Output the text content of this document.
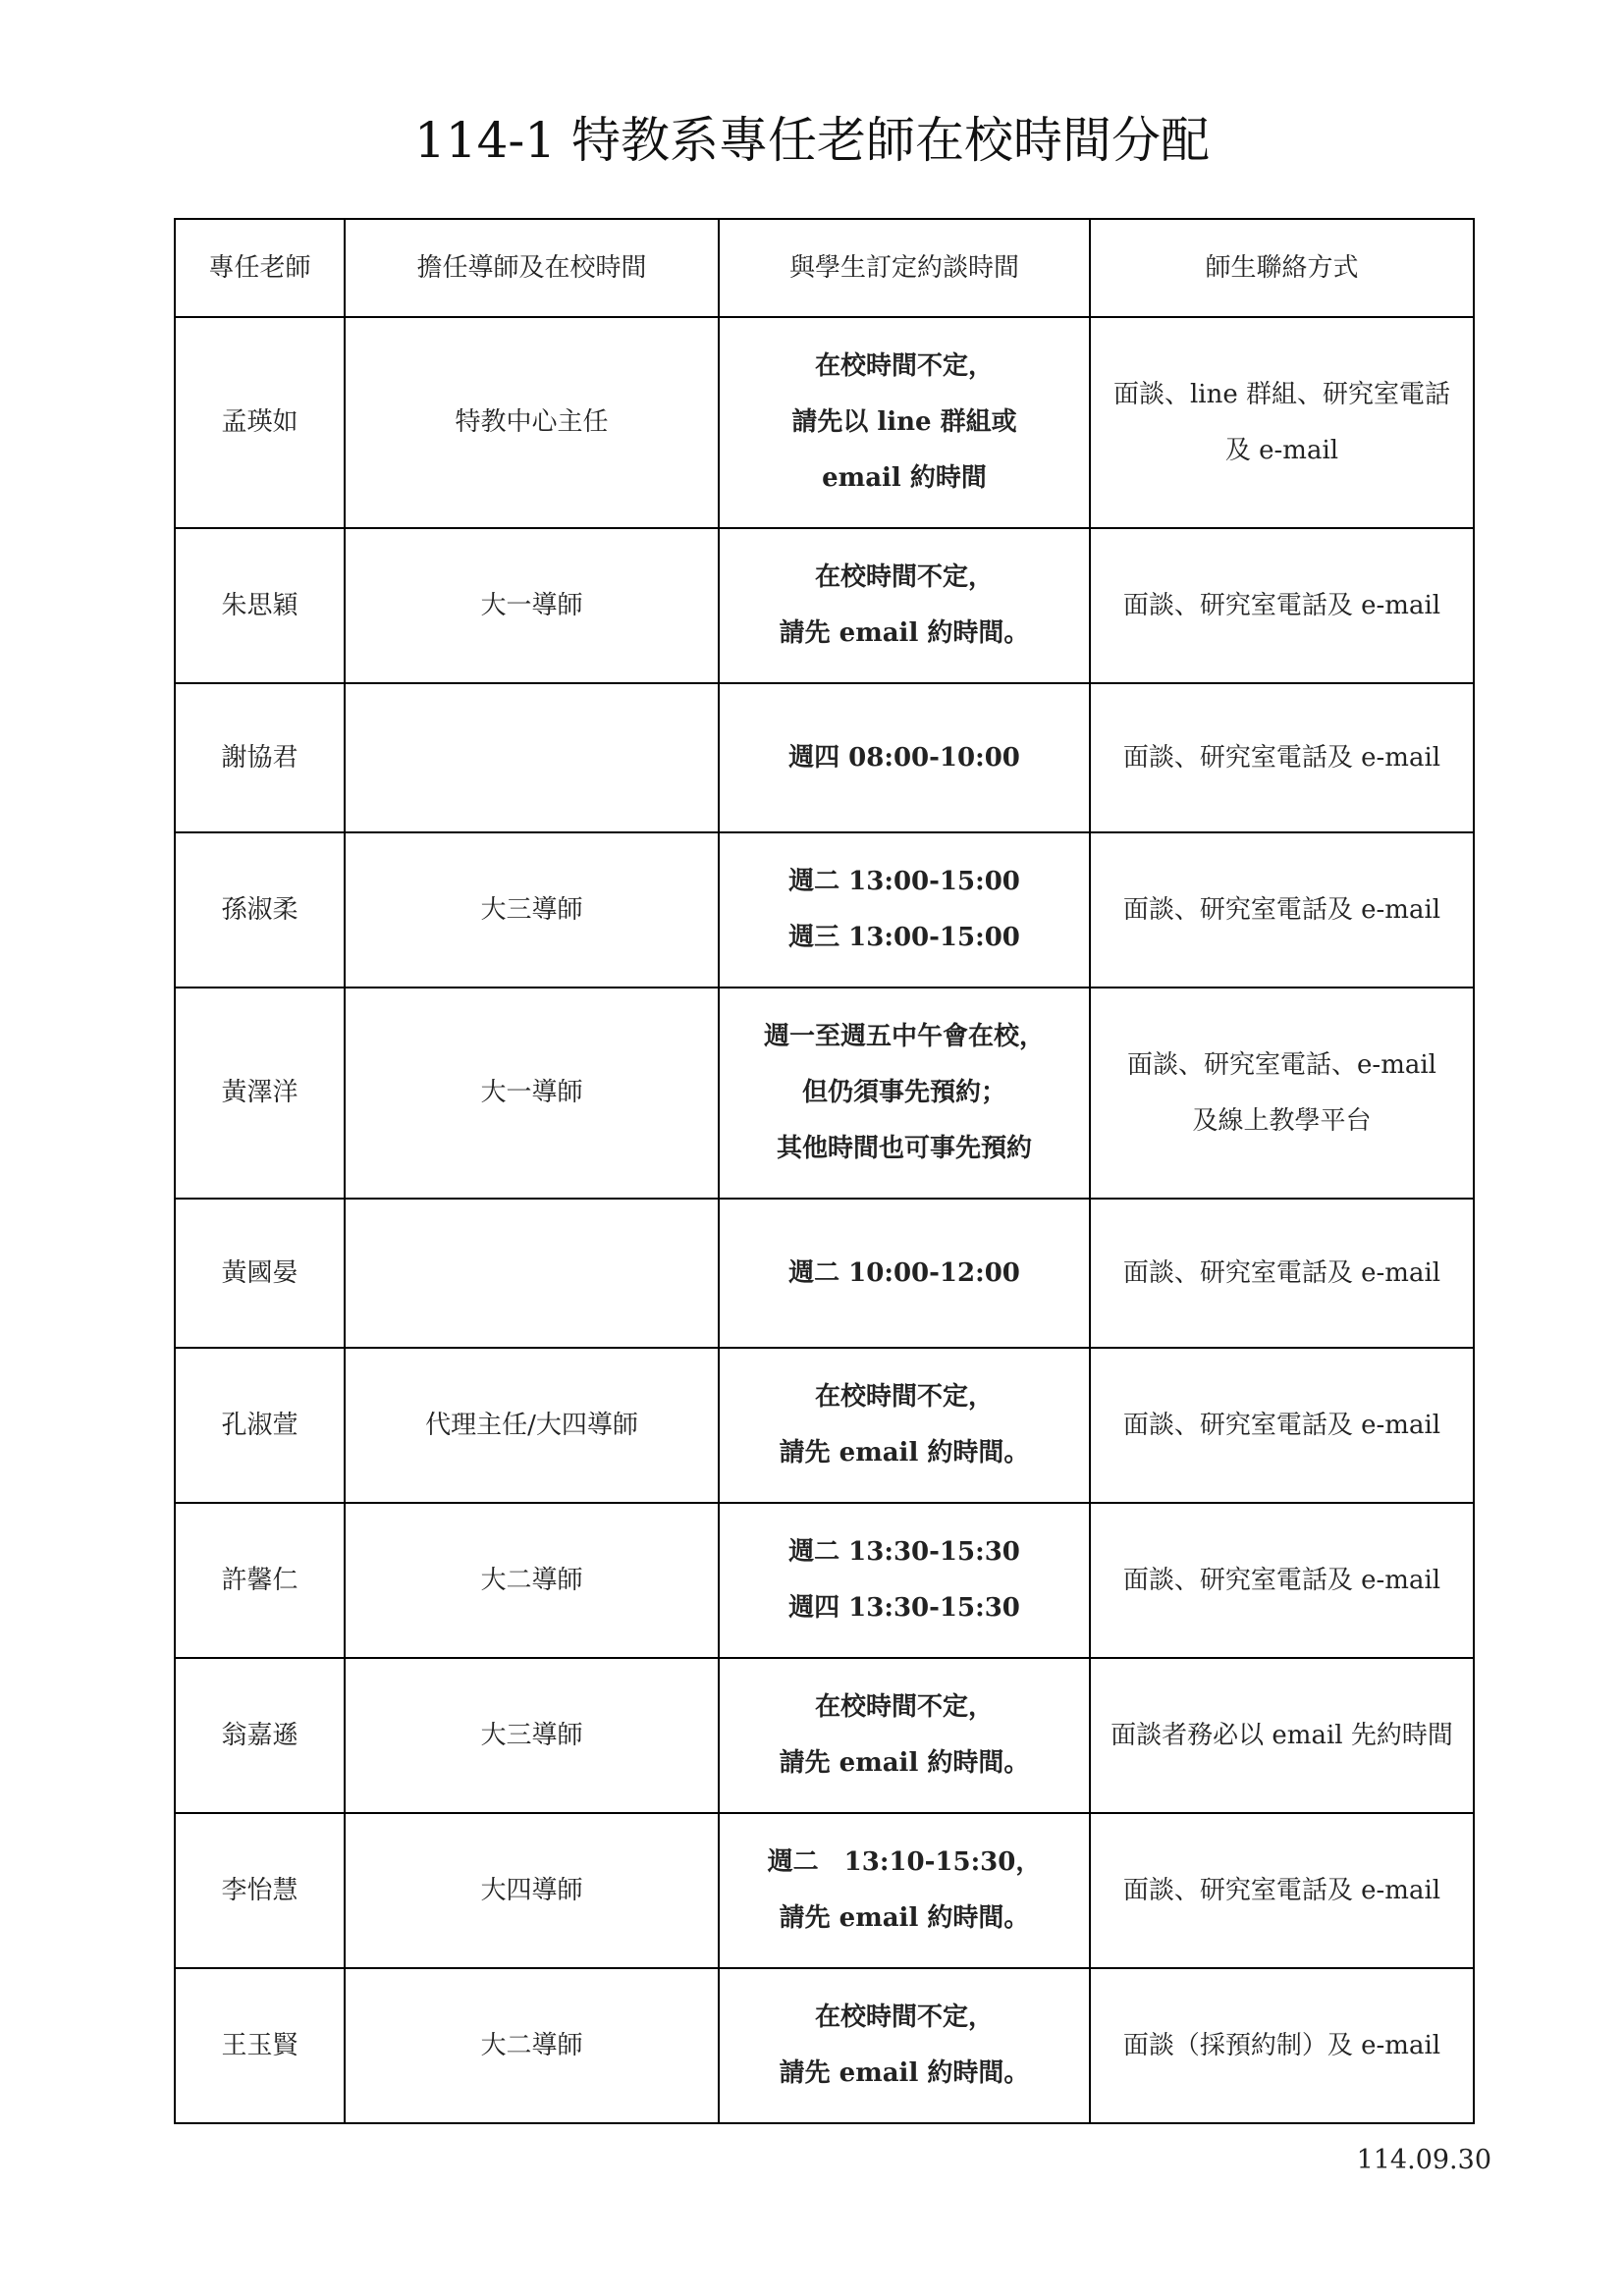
114-1 特教系專任老師在校時間分配
專任老師	擔任導師及在校時間	與學生訂定約談時間	師生聯絡方式
孟瑛如	特教中心主任	在校時間不定，
請先以 line 群組或
email 約時間	面談、line 群組、研究室電話
及 e-mail

朱思穎	大一導師	在校時間不定，
請先 email 約時間。	面談、研究室電話及 e-mail

謝協君		週四 08:00-10:00	面談、研究室電話及 e-mail

孫淑柔	大三導師	週二 13:00-15:00
週三 13:00-15:00	面談、研究室電話及 e-mail

黃澤洋	大一導師	週一至週五中午會在校，
但仍須事先預約；
其他時間也可事先預約	面談、研究室電話、e-mail
及線上教學平台

黃國晏		週二 10:00-12:00	面談、研究室電話及 e-mail

孔淑萱	代理主任/大四導師	在校時間不定，
請先 email 約時間。	面談、研究室電話及 e-mail

許馨仁	大二導師	週二 13:30-15:30
週四 13:30-15:30	面談、研究室電話及 e-mail

翁嘉遜	大三導師	在校時間不定，
請先 email 約時間。	面談者務必以 email 先約時間

李怡慧	大四導師	週二　13:10-15:30，
請先 email 約時間。	面談、研究室電話及 e-mail

王玉賢	大二導師	在校時間不定，
請先 email 約時間。	面談（採預約制）及 e-mail
114.09.30
